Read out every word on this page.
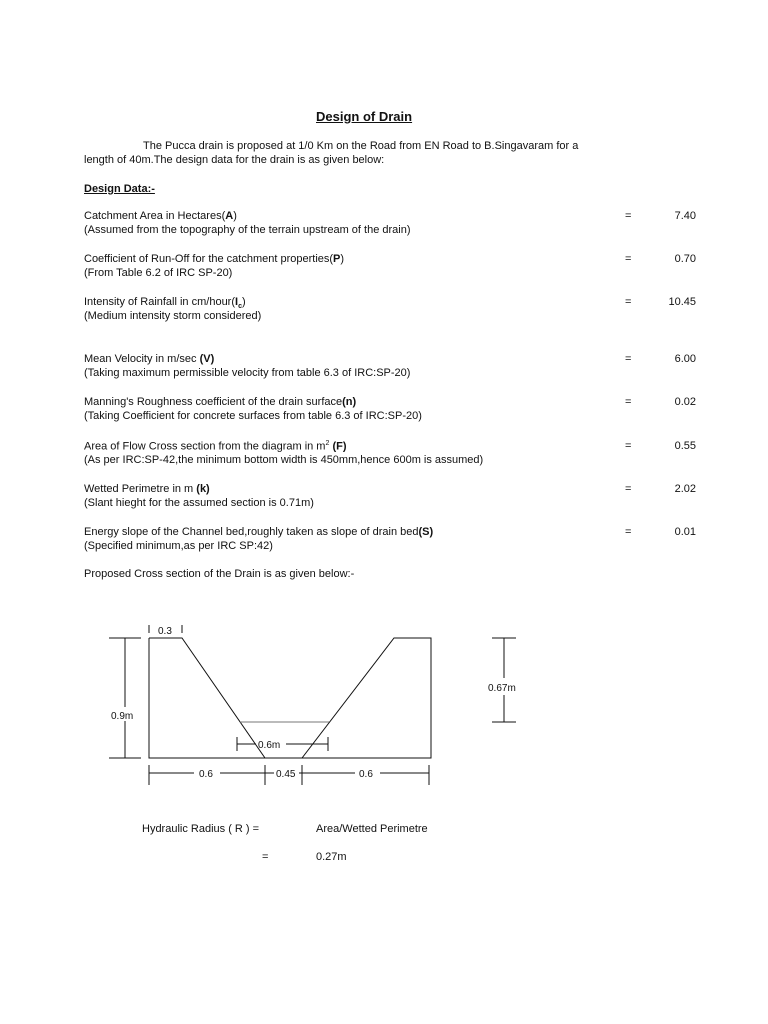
Design of Drain
The Pucca drain is proposed at 1/0 Km on the Road from EN Road to B.Singavaram for a
length of 40m.The design data for the drain is as given below:
Design Data:-
Catchment Area in Hectares(A)
(Assumed from the topography of the terrain upstream of the drain)
=	7.40
Coefficient of Run-Off for the catchment properties(P)
(From Table 6.2 of IRC SP-20)
=	0.70
Intensity of Rainfall in $cm/hour(I_c)$
(Medium intensity storm considered)
=	10.45
Mean Velocity in m/sec (V)
(Taking maximum permissible velocity from table 6.3 of IRC:SP-20)
=	6.00
Manning's Roughness coefficient of the drain surface(n)
(Taking Coefficient for concrete surfaces from table 6.3 of IRC:SP-20)
=	0.02
Area of Flow Cross section from the diagram in $m^2$ (F)
(As per IRC:SP-42,the minimum bottom width is 450mm,hence 600m is assumed)
=	0.55
Wetted Perimetre in m (k)
(Slant hieght for the assumed section is 0.71m)
=	2.02
Energy slope of the Channel bed,roughly taken as slope of drain bed(S)
(Specified minimum,as per IRC SP:42)
=	0.01
Proposed Cross section of the Drain is as given below:-
0.3
0.9m
0.67m
0.6m
0.6	0.45	0.6
Hydraulic Radius ( R ) =	Area/Wetted Perimetre
=	0.27m
